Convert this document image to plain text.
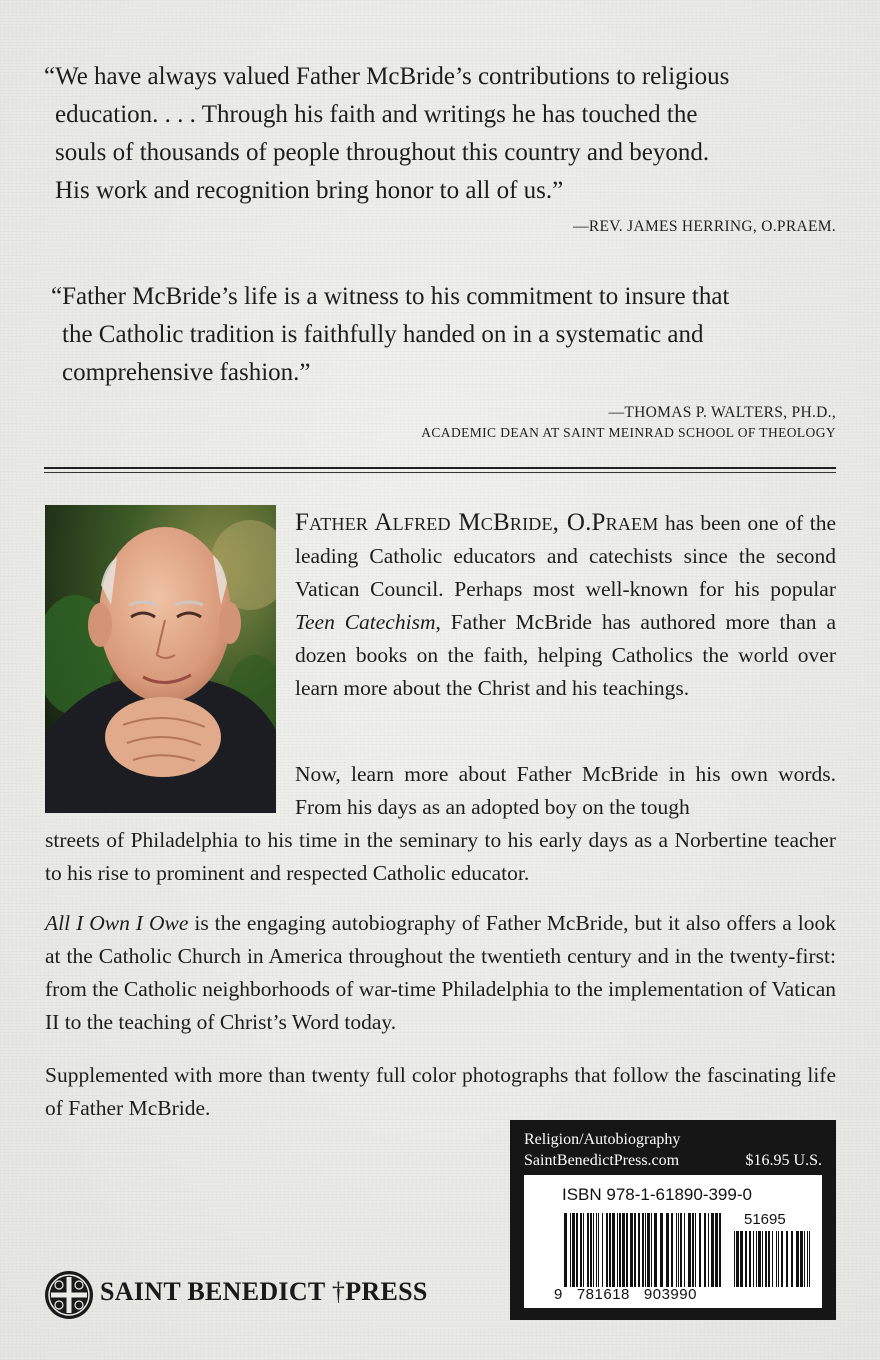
“We have always valued Father McBride’s contributions to religious

education. . . . Through his faith and writings he has touched the

souls of thousands of people throughout this country and beyond.

His work and recognition bring honor to all of us.”

—REV. JAMES HERRING, O.PRAEM.

“Father McBride’s life is a witness to his commitment to insure that

the Catholic tradition is faithfully handed on in a systematic and

comprehensive fashion.”

—THOMAS P. WALTERS, PH.D.,
ACADEMIC DEAN AT SAINT MEINRAD SCHOOL OF THEOLOGY

Father Alfred McBride, O.Praem has been one of the leading Catholic educators and catechists since the second Vatican Council. Perhaps most well-known for his popular Teen Catechism, Father McBride has authored more than a dozen books on the faith, helping Catholics the world over learn more about the Christ and his teachings.

Now, learn more about Father McBride in his own words. From his days as an adopted boy on the tough

streets of Philadelphia to his time in the seminary to his early days as a Norbertine teacher to his rise to prominent and respected Catholic educator.

All I Own I Owe is the engaging autobiography of Father McBride, but it also offers a look at the Catholic Church in America throughout the twentieth century and in the twenty-first: from the Catholic neighborhoods of war-time Philadelphia to the implementation of Vatican II to the teaching of Christ’s Word today.

Supplemented with more than twenty full color photographs that follow the fascinating life of Father McBride.

Religion/Autobiography
SaintBenedictPress.com	$16.95 U.S.
ISBN 978-1-61890-399-0
51695
9   781618   903990
SAINT BENEDICT †PRESS
